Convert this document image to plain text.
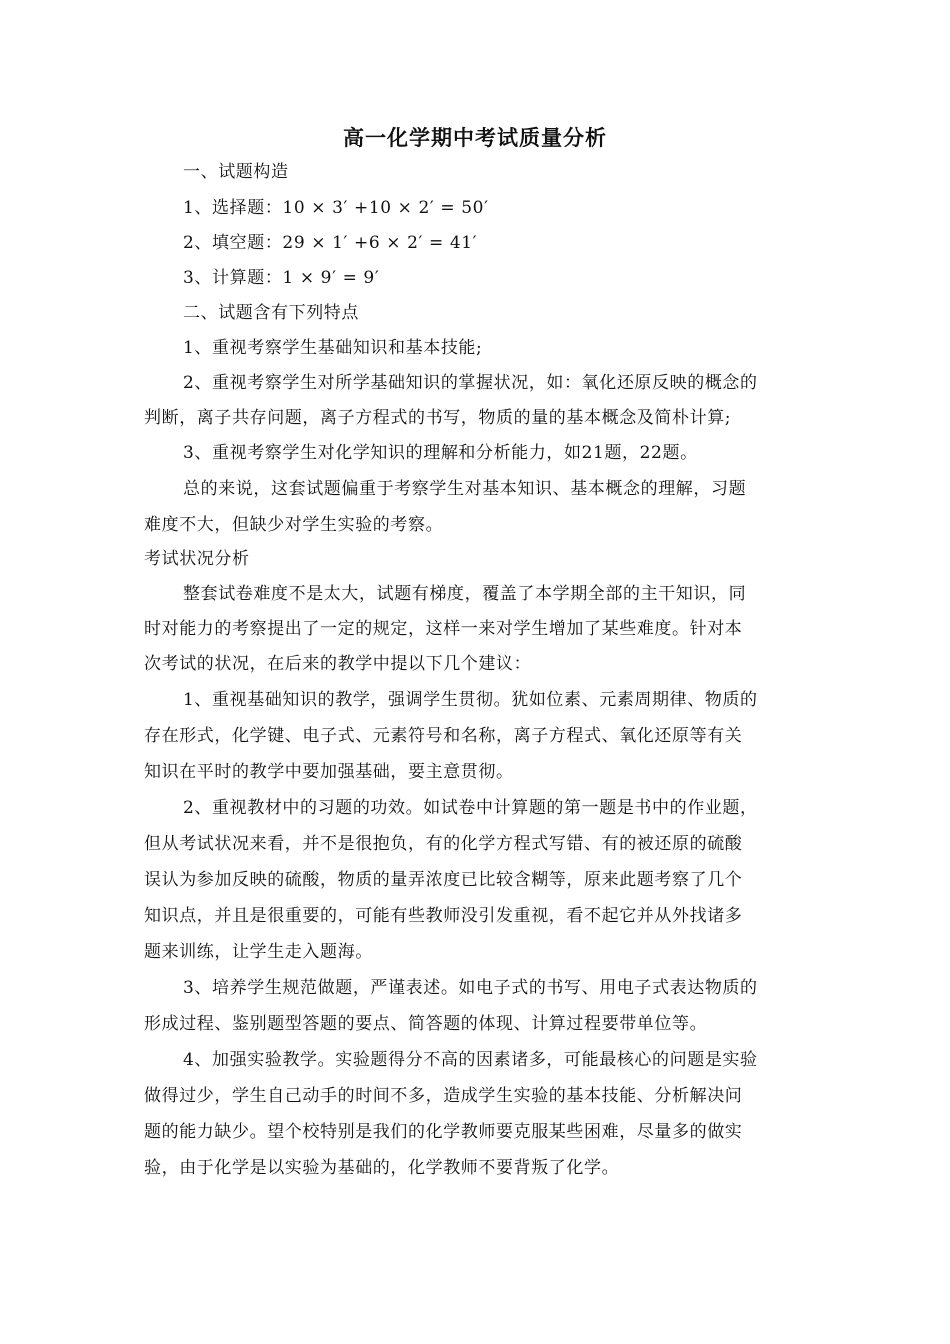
高一化学期中考试质量分析
一、试题构造
1、选择题：10 × 3′ +10 × 2′ = 50′
2、填空题：29 × 1′ +6 × 2′ = 41′
3、计算题：1 × 9′ = 9′
二、试题含有下列特点
1、重视考察学生基础知识和基本技能;
2、重视考察学生对所学基础知识的掌握状况，如：氧化还原反映的概念的
判断，离子共存问题，离子方程式的书写，物质的量的基本概念及简朴计算;
3、重视考察学生对化学知识的理解和分析能力，如21题，22题。
总的来说，这套试题偏重于考察学生对基本知识、基本概念的理解，习题
难度不大，但缺少对学生实验的考察。
考试状况分析
整套试卷难度不是太大，试题有梯度，覆盖了本学期全部的主干知识，同
时对能力的考察提出了一定的规定，这样一来对学生增加了某些难度。针对本
次考试的状况，在后来的教学中提以下几个建议：
1、重视基础知识的教学，强调学生贯彻。犹如位素、元素周期律、物质的
存在形式，化学键、电子式、元素符号和名称，离子方程式、氧化还原等有关
知识在平时的教学中要加强基础，要主意贯彻。
2、重视教材中的习题的功效。如试卷中计算题的第一题是书中的作业题，
但从考试状况来看，并不是很抱负，有的化学方程式写错、有的被还原的硫酸
误认为参加反映的硫酸，物质的量弄浓度已比较含糊等，原来此题考察了几个
知识点，并且是很重要的，可能有些教师没引发重视，看不起它并从外找诸多
题来训练，让学生走入题海。
3、培养学生规范做题，严谨表述。如电子式的书写、用电子式表达物质的
形成过程、鉴别题型答题的要点、简答题的体现、计算过程要带单位等。
4、加强实验教学。实验题得分不高的因素诸多，可能最核心的问题是实验
做得过少，学生自己动手的时间不多，造成学生实验的基本技能、分析解决问
题的能力缺少。望个校特别是我们的化学教师要克服某些困难，尽量多的做实
验，由于化学是以实验为基础的，化学教师不要背叛了化学。
